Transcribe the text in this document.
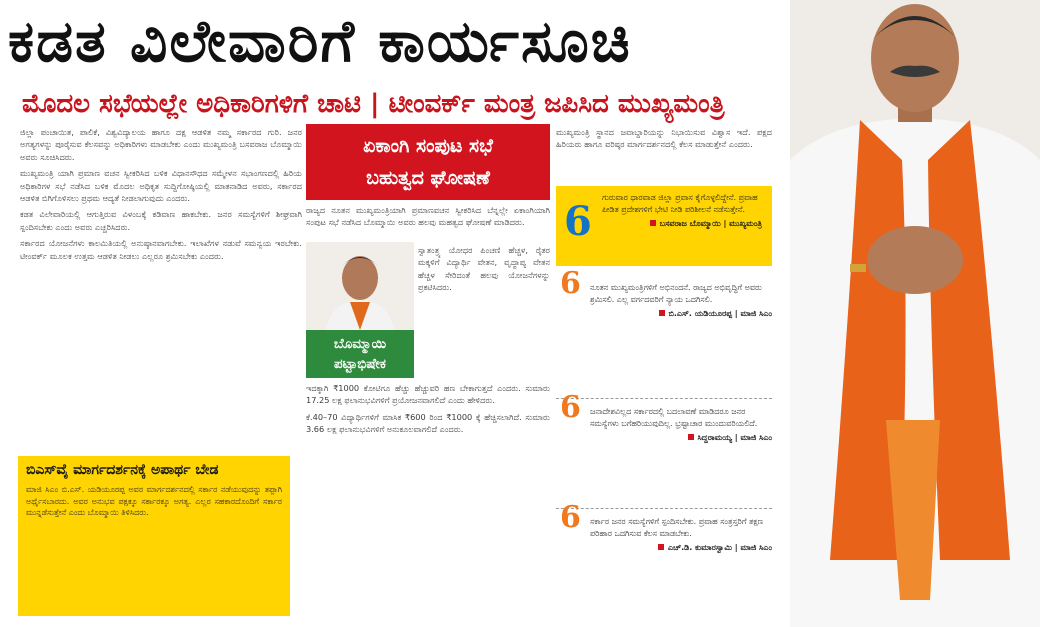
ಕಡತ ವಿಲೇವಾರಿಗೆ ಕಾರ್ಯಸೂಚಿ
ಮೊದಲ ಸಭೆಯಲ್ಲೇ ಅಧಿಕಾರಿಗಳಿಗೆ ಚಾಟಿ | ಟೀಂವರ್ಕ್ ಮಂತ್ರ ಜಪಿಸಿದ ಮುಖ್ಯಮಂತ್ರಿ

ಜಿಲ್ಲಾ ಪಂಚಾಯಿತ, ಪಾಲಿಕೆ, ವಿಶ್ವವಿದ್ಯಾಲಯ ಹಾಗೂ ದಕ್ಷ ಆಡಳಿತ ನಮ್ಮ ಸರ್ಕಾರದ ಗುರಿ. ಜನರ ಅಗತ್ಯಗಳನ್ನು ಪೂರೈಸುವ ಕೆಲಸವನ್ನು ಅಧಿಕಾರಿಗಳು ಮಾಡಬೇಕು ಎಂದು ಮುಖ್ಯಮಂತ್ರಿ ಬಸವರಾಜ ಬೊಮ್ಮಾಯಿ ಅವರು ಸೂಚಿಸಿದರು.

ಮುಖ್ಯಮಂತ್ರಿ ಯಾಗಿ ಪ್ರಮಾಣ ವಚನ ಸ್ವೀಕರಿಸಿದ ಬಳಿಕ ವಿಧಾನಸೌಧದ ಸಮ್ಮೇಳನ ಸಭಾಂಗಣದಲ್ಲಿ ಹಿರಿಯ ಅಧಿಕಾರಿಗಳ ಸಭೆ ನಡೆಸಿದ ಬಳಿಕ ಮೊದಲ ಅಧಿಕೃತ ಸುದ್ದಿಗೋಷ್ಠಿಯಲ್ಲಿ ಮಾತನಾಡಿದ ಅವರು, ಸರ್ಕಾರದ ಆಡಳಿತ ಬಿಗಿಗೊಳಿಸಲು ಪ್ರಥಮ ಆದ್ಯತೆ ನೀಡಲಾಗುವುದು ಎಂದರು.

ಕಡತ ವಿಲೇವಾರಿಯಲ್ಲಿ ಆಗುತ್ತಿರುವ ವಿಳಂಬಕ್ಕೆ ಕಡಿವಾಣ ಹಾಕಬೇಕು. ಜನರ ಸಮಸ್ಯೆಗಳಿಗೆ ಶೀಘ್ರವಾಗಿ ಸ್ಪಂದಿಸಬೇಕು ಎಂದು ಅವರು ಎಚ್ಚರಿಸಿದರು.

ಸರ್ಕಾರದ ಯೋಜನೆಗಳು ಕಾಲಮಿತಿಯಲ್ಲಿ ಅನುಷ್ಠಾನವಾಗಬೇಕು. ಇಲಾಖೆಗಳ ನಡುವೆ ಸಮನ್ವಯ ಇರಬೇಕು. ಟೀಂವರ್ಕ್ ಮೂಲಕ ಉತ್ತಮ ಆಡಳಿತ ನೀಡಲು ಎಲ್ಲರೂ ಶ್ರಮಿಸಬೇಕು ಎಂದರು.

ಬಿಎಸ್‌ವೈ ಮಾರ್ಗದರ್ಶನಕ್ಕೆ ಅಪಾರ್ಥ ಬೇಡ
ಮಾಜಿ ಸಿಎಂ ಬಿ.ಎಸ್. ಯಡಿಯೂರಪ್ಪ ಅವರ ಮಾರ್ಗದರ್ಶನದಲ್ಲಿ ಸರ್ಕಾರ ನಡೆಯುವುದನ್ನು ತಪ್ಪಾಗಿ ಅರ್ಥೈಸಬಾರದು. ಅವರ ಅನುಭವ ಪಕ್ಷಕ್ಕೂ ಸರ್ಕಾರಕ್ಕೂ ಅಗತ್ಯ. ಎಲ್ಲರ ಸಹಕಾರದೊಂದಿಗೆ ಸರ್ಕಾರ ಮುನ್ನಡೆಸುತ್ತೇನೆ ಎಂದು ಬೊಮ್ಮಾಯಿ ತಿಳಿಸಿದರು.
ಏಕಾಂಗಿ ಸಂಪುಟ ಸಭೆ
ಬಹುತ್ವದ ಘೋಷಣೆ

ರಾಜ್ಯದ ನೂತನ ಮುಖ್ಯಮಂತ್ರಿಯಾಗಿ ಪ್ರಮಾಣವಚನ ಸ್ವೀಕರಿಸಿದ ಬೆನ್ನಲ್ಲೇ ಏಕಾಂಗಿಯಾಗಿ ಸಂಪುಟ ಸಭೆ ನಡೆಸಿದ ಬೊಮ್ಮಾಯಿ ಅವರು ಹಲವು ಮಹತ್ವದ ಘೋಷಣೆ ಮಾಡಿದರು.

ಸ್ವಾತಂತ್ರ್ಯ ಯೋಧರ ಪಿಂಚಣಿ ಹೆಚ್ಚಳ, ರೈತರ ಮಕ್ಕಳಿಗೆ ವಿದ್ಯಾರ್ಥಿ ವೇತನ, ವೃದ್ಧಾಪ್ಯ ವೇತನ ಹೆಚ್ಚಳ ಸೇರಿದಂತೆ ಹಲವು ಯೋಜನೆಗಳನ್ನು ಪ್ರಕಟಿಸಿದರು.

ಇದಕ್ಕಾಗಿ ₹1000 ಕೋಟಿಗೂ ಹೆಚ್ಚು ಹೆಚ್ಚುವರಿ ಹಣ ಬೇಕಾಗುತ್ತದೆ ಎಂದರು. ಸುಮಾರು 17.25 ಲಕ್ಷ ಫಲಾನುಭವಿಗಳಿಗೆ ಪ್ರಯೋಜನವಾಗಲಿದೆ ಎಂದು ಹೇಳಿದರು.

ಕೆ.40–70 ವಿದ್ಯಾರ್ಥಿಗಳಿಗೆ ಮಾಸಿಕ ₹600 ರಿಂದ ₹1000 ಕ್ಕೆ ಹೆಚ್ಚಿಸಲಾಗಿದೆ. ಸುಮಾರು 3.66 ಲಕ್ಷ ಫಲಾನುಭವಿಗಳಿಗೆ ಅನುಕೂಲವಾಗಲಿದೆ ಎಂದರು.

ಬೊಮ್ಮಾಯಿ
ಪಟ್ಟಾಭಿಷೇಕ

ಮುಖ್ಯಮಂತ್ರಿ ಸ್ಥಾನದ ಜವಾಬ್ದಾರಿಯನ್ನು ನಿಭಾಯಿಸುವ ವಿಶ್ವಾಸ ಇದೆ. ಪಕ್ಷದ ಹಿರಿಯರು ಹಾಗೂ ವರಿಷ್ಠರ ಮಾರ್ಗದರ್ಶನದಲ್ಲಿ ಕೆಲಸ ಮಾಡುತ್ತೇನೆ ಎಂದರು.

6
ಗುರುವಾರ ಧಾರವಾಡ ಜಿಲ್ಲಾ ಪ್ರವಾಸ ಕೈಗೊಳ್ಳಲಿದ್ದೇನೆ. ಪ್ರವಾಹ ಪೀಡಿತ ಪ್ರದೇಶಗಳಿಗೆ ಭೇಟಿ ನೀಡಿ ಪರಿಶೀಲನೆ ನಡೆಸುತ್ತೇನೆ.
ಬಸವರಾಜ ಬೊಮ್ಮಾಯಿ | ಮುಖ್ಯಮಂತ್ರಿ
6 ನೂತನ ಮುಖ್ಯಮಂತ್ರಿಗಳಿಗೆ ಅಭಿನಂದನೆ. ರಾಜ್ಯದ ಅಭಿವೃದ್ಧಿಗೆ ಅವರು ಶ್ರಮಿಸಲಿ. ಎಲ್ಲ ವರ್ಗದವರಿಗೆ ನ್ಯಾಯ ಒದಗಿಸಲಿ.
ಬಿ.ಎಸ್. ಯಡಿಯೂರಪ್ಪ | ಮಾಜಿ ಸಿಎಂ
6 ಜನಾದೇಶವಿಲ್ಲದ ಸರ್ಕಾರದಲ್ಲಿ ಬದಲಾವಣೆ ಮಾಡಿದರೂ ಜನರ ಸಮಸ್ಯೆಗಳು ಬಗೆಹರಿಯುವುದಿಲ್ಲ. ಭ್ರಷ್ಟಾಚಾರ ಮುಂದುವರಿಯಲಿದೆ.
ಸಿದ್ದರಾಮಯ್ಯ | ಮಾಜಿ ಸಿಎಂ
6 ಸರ್ಕಾರ ಜನರ ಸಮಸ್ಯೆಗಳಿಗೆ ಸ್ಪಂದಿಸಬೇಕು. ಪ್ರವಾಹ ಸಂತ್ರಸ್ತರಿಗೆ ತಕ್ಷಣ ಪರಿಹಾರ ಒದಗಿಸುವ ಕೆಲಸ ಮಾಡಬೇಕು.
ಎಚ್.ಡಿ. ಕುಮಾರಸ್ವಾಮಿ | ಮಾಜಿ ಸಿಎಂ
